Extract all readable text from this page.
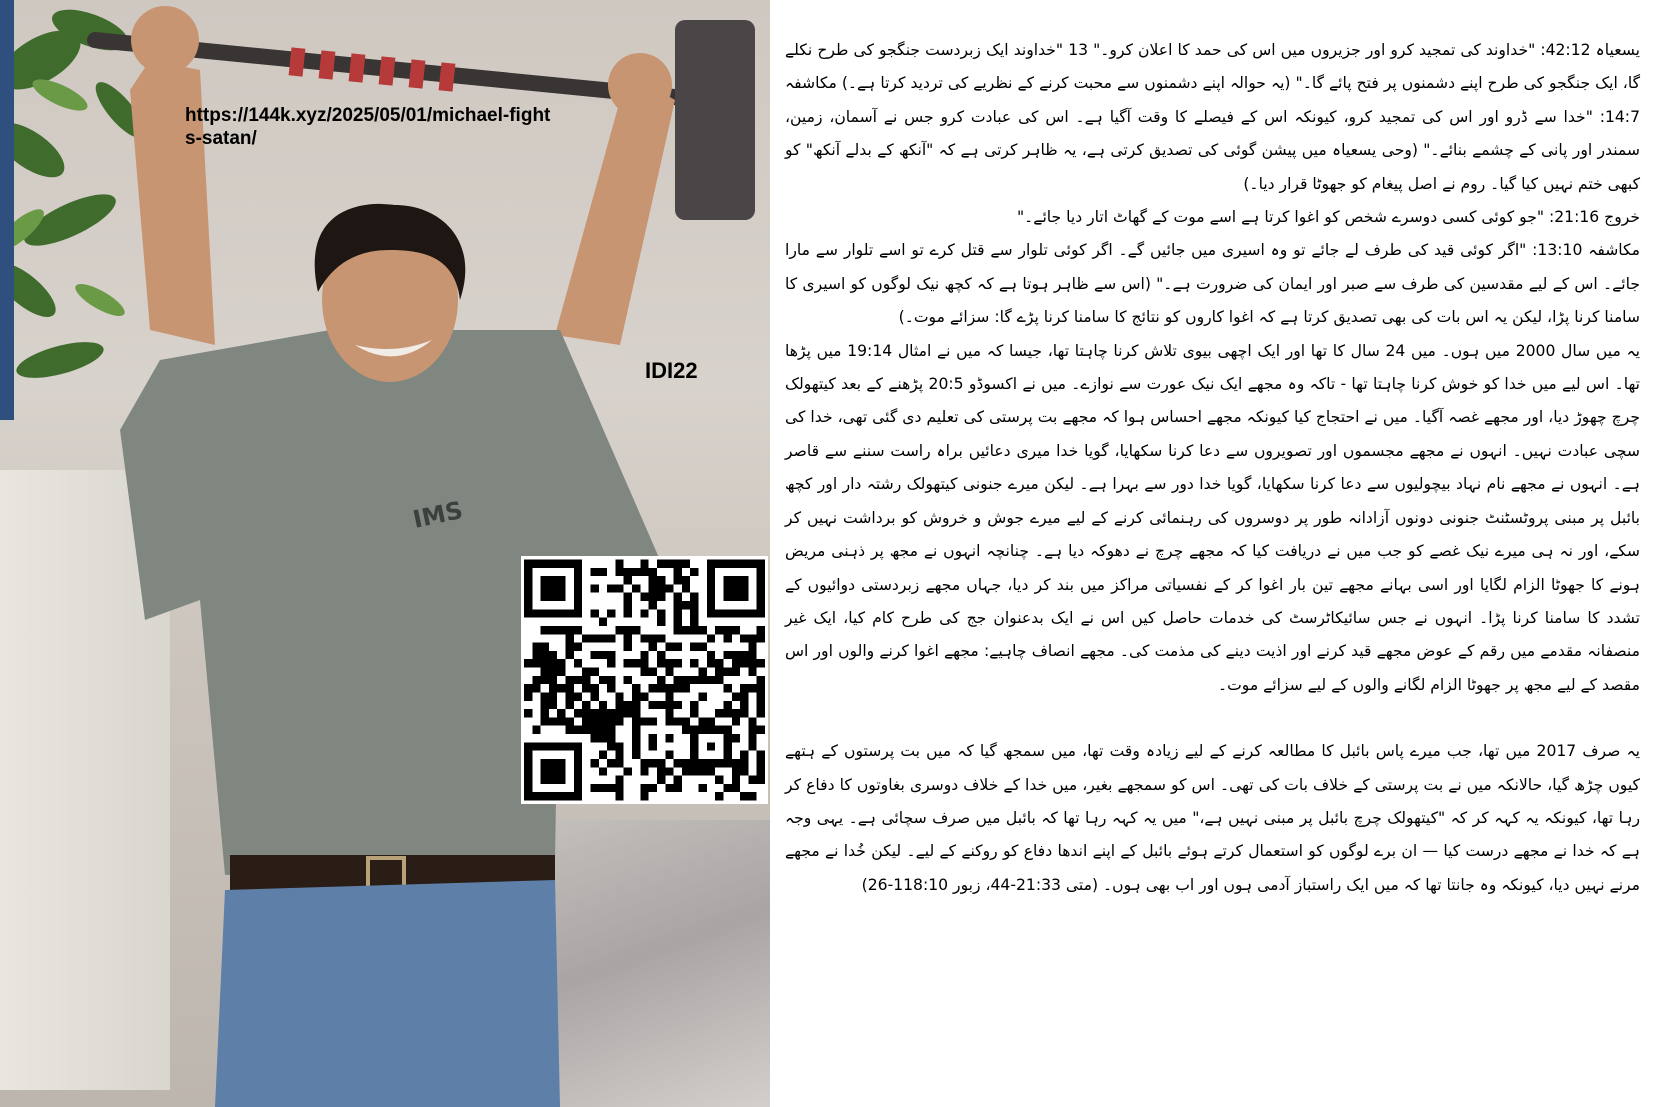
IMS
https://144k.xyz/2025/05/01/michael-fights-satan/
IDI22

یسعیاہ 42:12: "خداوند کی تمجید کرو اور جزیروں میں اس کی حمد کا اعلان کرو۔" 13 "خداوند ایک زبردست جنگجو کی طرح نکلے گا، ایک جنگجو کی طرح اپنے دشمنوں پر فتح پائے گا۔" (یہ حوالہ اپنے دشمنوں سے محبت کرنے کے نظریے کی تردید کرتا ہے۔) مکاشفہ 14:7: "خدا سے ڈرو اور اس کی تمجید کرو، کیونکہ اس کے فیصلے کا وقت آگیا ہے۔ اس کی عبادت کرو جس نے آسمان، زمین، سمندر اور پانی کے چشمے بنائے۔" (وحی یسعیاہ میں پیشن گوئی کی تصدیق کرتی ہے، یہ ظاہر کرتی ہے کہ "آنکھ کے بدلے آنکھ" کو کبھی ختم نہیں کیا گیا۔ روم نے اصل پیغام کو جھوٹا قرار دیا۔)

خروج 21:16: "جو کوئی کسی دوسرے شخص کو اغوا کرتا ہے اسے موت کے گھاٹ اتار دیا جائے۔"

مکاشفہ 13:10: "اگر کوئی قید کی طرف لے جائے تو وہ اسیری میں جائیں گے۔ اگر کوئی تلوار سے قتل کرے تو اسے تلوار سے مارا جائے۔ اس کے لیے مقدسین کی طرف سے صبر اور ایمان کی ضرورت ہے۔" (اس سے ظاہر ہوتا ہے کہ کچھ نیک لوگوں کو اسیری کا سامنا کرنا پڑا، لیکن یہ اس بات کی بھی تصدیق کرتا ہے کہ اغوا کاروں کو نتائج کا سامنا کرنا پڑے گا: سزائے موت۔)

یہ میں سال 2000 میں ہوں۔ میں 24 سال کا تھا اور ایک اچھی بیوی تلاش کرنا چاہتا تھا، جیسا کہ میں نے امثال 19:14 میں پڑھا تھا۔ اس لیے میں خدا کو خوش کرنا چاہتا تھا - تاکہ وہ مجھے ایک نیک عورت سے نوازے۔ میں نے اکسوڈو 20:5 پڑھنے کے بعد کیتھولک چرچ چھوڑ دیا، اور مجھے غصہ آگیا۔ میں نے احتجاج کیا کیونکہ مجھے احساس ہوا کہ مجھے بت پرستی کی تعلیم دی گئی تھی، خدا کی سچی عبادت نہیں۔ انہوں نے مجھے مجسموں اور تصویروں سے دعا کرنا سکھایا، گویا خدا میری دعائیں براہ راست سننے سے قاصر ہے۔ انہوں نے مجھے نام نہاد بیچولیوں سے دعا کرنا سکھایا، گویا خدا دور سے بہرا ہے۔ لیکن میرے جنونی کیتھولک رشتہ دار اور کچھ بائبل پر مبنی پروٹسٹنٹ جنونی دونوں آزادانہ طور پر دوسروں کی رہنمائی کرنے کے لیے میرے جوش و خروش کو برداشت نہیں کر سکے، اور نہ ہی میرے نیک غصے کو جب میں نے دریافت کیا کہ مجھے چرچ نے دھوکہ دیا ہے۔ چنانچہ انہوں نے مجھ پر ذہنی مریض ہونے کا جھوٹا الزام لگایا اور اسی بہانے مجھے تین بار اغوا کر کے نفسیاتی مراکز میں بند کر دیا، جہاں مجھے زبردستی دوائیوں کے تشدد کا سامنا کرنا پڑا۔ انہوں نے جس سائیکاٹرسٹ کی خدمات حاصل کیں اس نے ایک بدعنوان جج کی طرح کام کیا، ایک غیر منصفانہ مقدمے میں رقم کے عوض مجھے قید کرنے اور اذیت دینے کی مذمت کی۔ مجھے انصاف چاہیے: مجھے اغوا کرنے والوں اور اس مقصد کے لیے مجھ پر جھوٹا الزام لگانے والوں کے لیے سزائے موت۔

یہ صرف 2017 میں تھا، جب میرے پاس بائبل کا مطالعہ کرنے کے لیے زیادہ وقت تھا، میں سمجھ گیا کہ میں بت پرستوں کے ہتھے کیوں چڑھ گیا، حالانکہ میں نے بت پرستی کے خلاف بات کی تھی۔ اس کو سمجھے بغیر، میں خدا کے خلاف دوسری بغاوتوں کا دفاع کر رہا تھا، کیونکہ یہ کہہ کر کہ "کیتھولک چرچ بائبل پر مبنی نہیں ہے،" میں یہ کہہ رہا تھا کہ بائبل میں صرف سچائی ہے۔ یہی وجہ ہے کہ خدا نے مجھے درست کیا — ان برے لوگوں کو استعمال کرتے ہوئے بائبل کے اپنے اندھا دفاع کو روکنے کے لیے۔ لیکن خُدا نے مجھے مرنے نہیں دیا، کیونکہ وہ جانتا تھا کہ میں ایک راستباز آدمی ہوں اور اب بھی ہوں۔ (متی 21:33-44، زبور 118:10-26)
